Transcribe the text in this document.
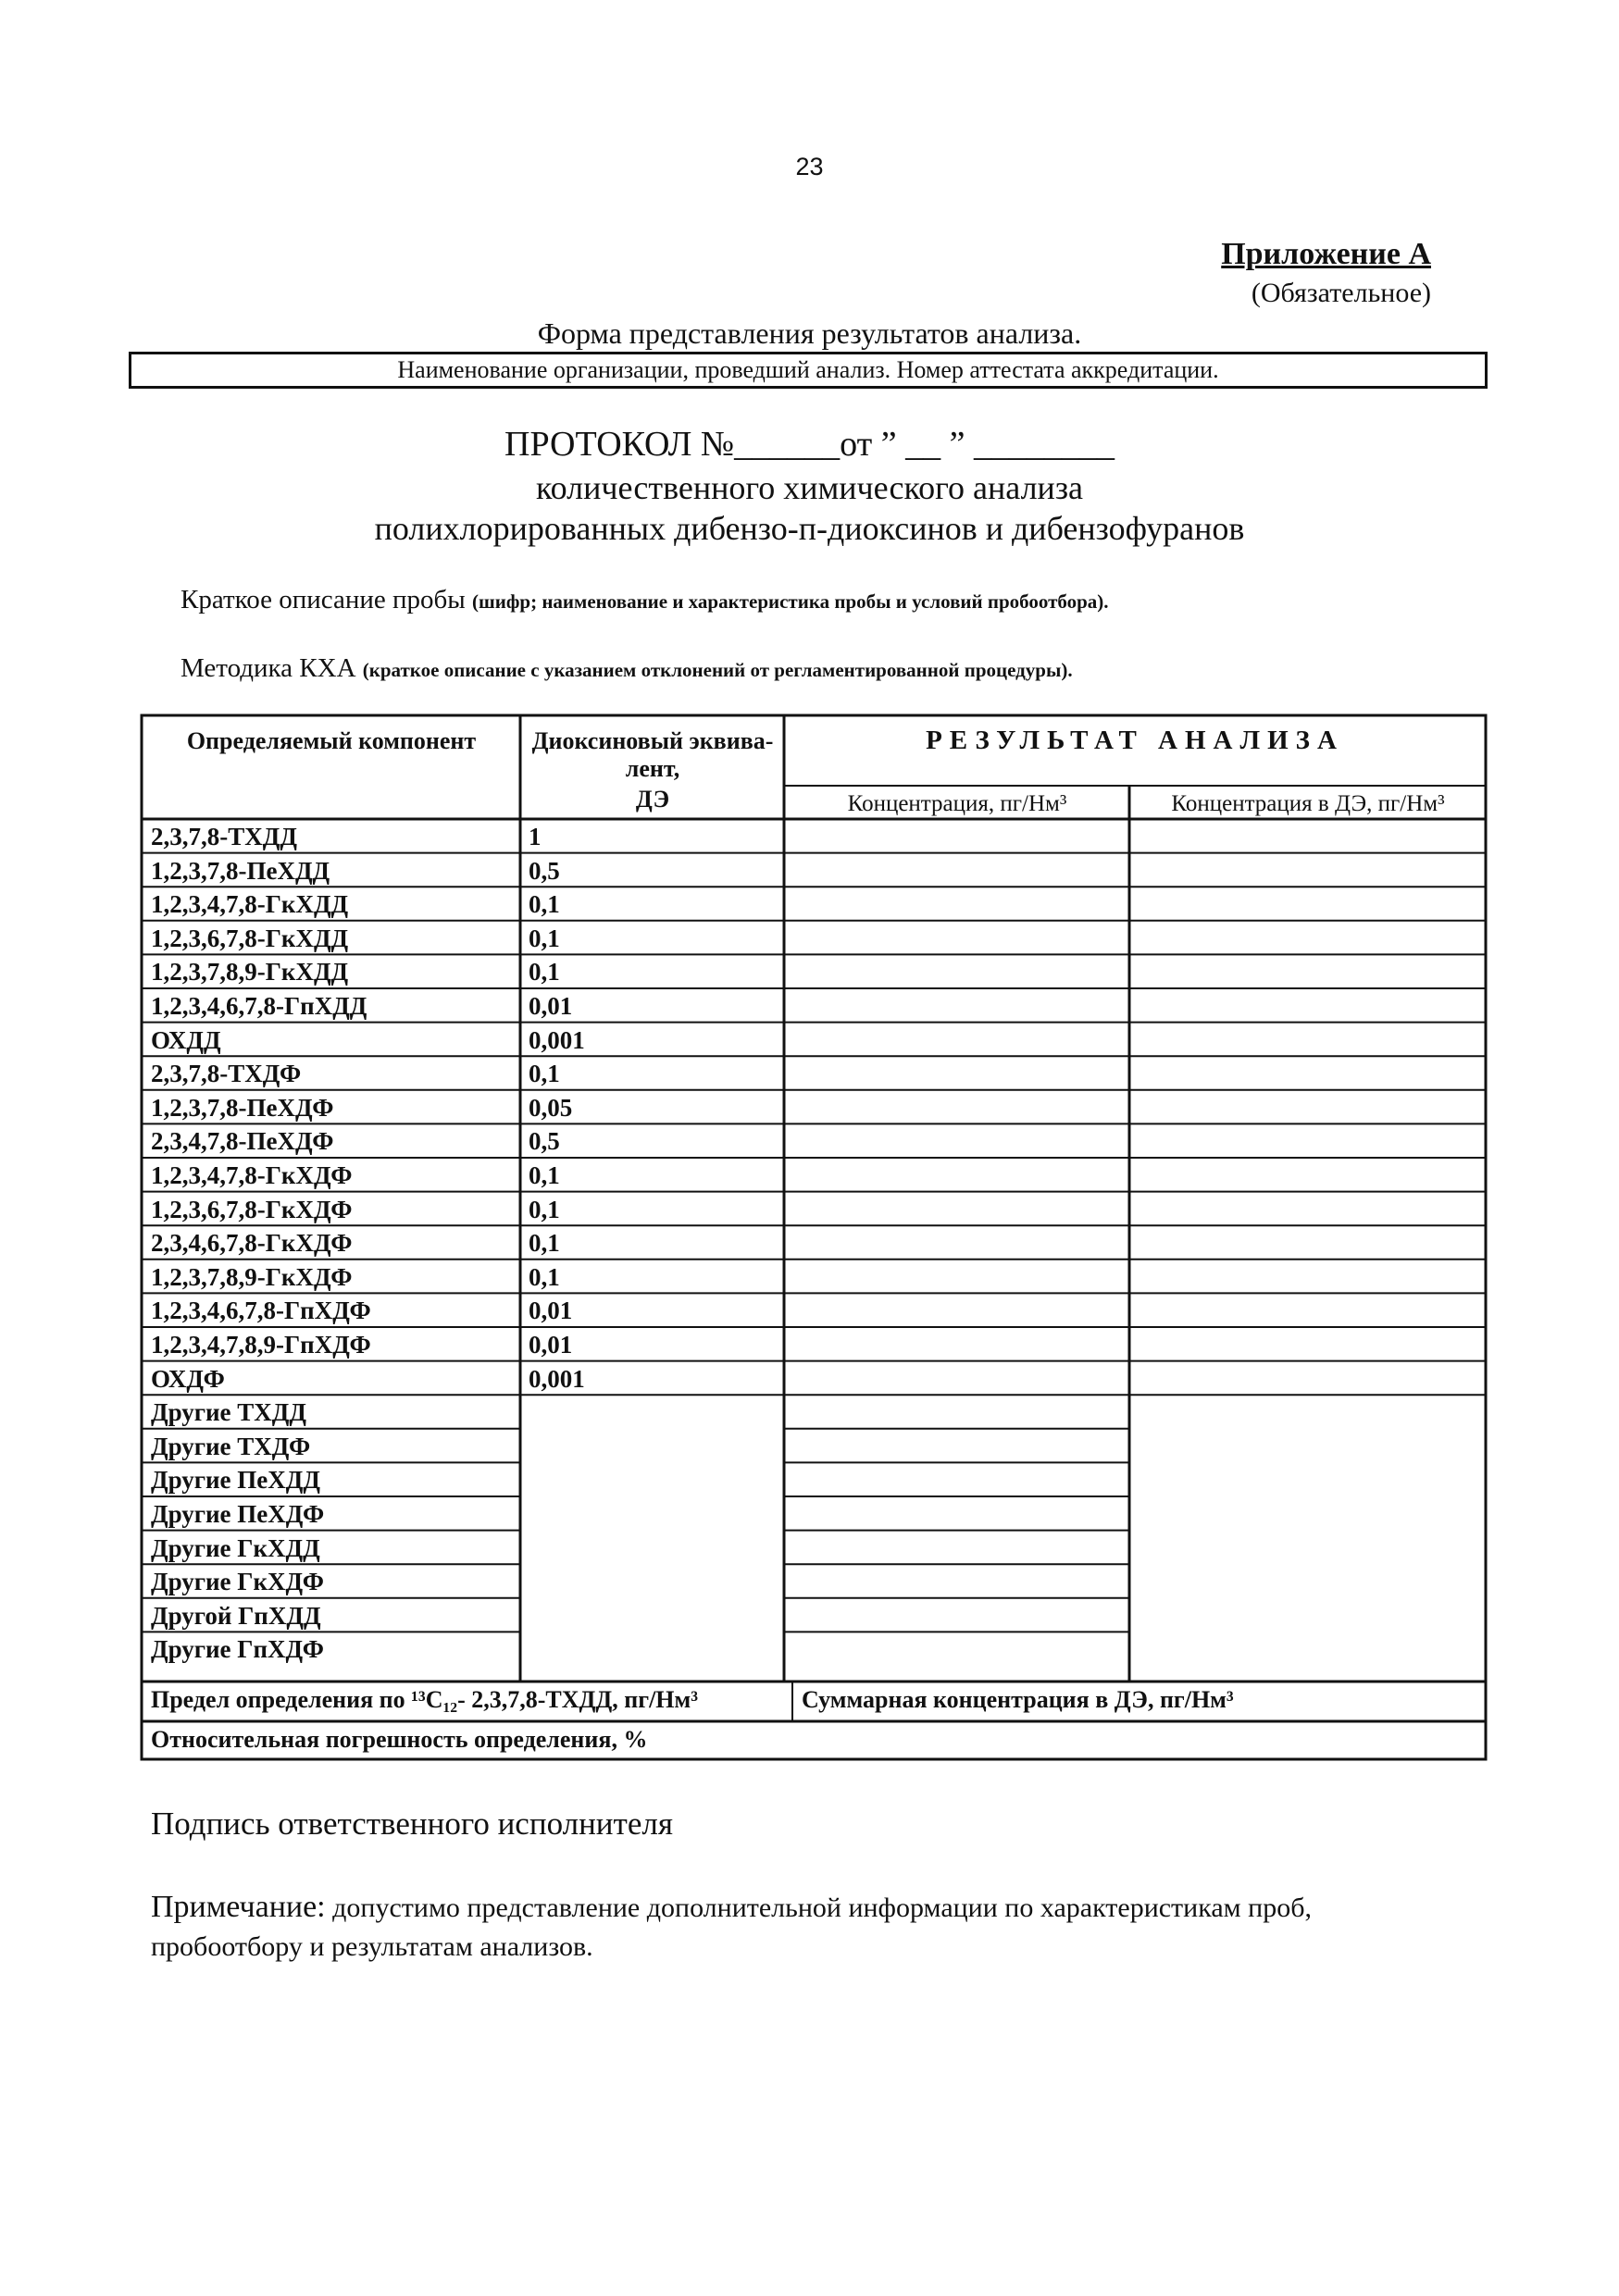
23
Приложение А
(Обязательное)
Форма представления результатов анализа.
Наименование организации, проведший анализ. Номер аттестата аккредитации.
ПРОТОКОЛ №______от ” __ ” ________
количественного химического анализа
полихлорированных дибензо-п-диоксинов и дибензофуранов
Краткое описание пробы (шифр; наименование и характеристика пробы и условий пробоотбора).
Методика КХА (краткое описание с указанием отклонений от регламентированной процедуры).
Определяемый компонент	Диоксиновый эквива-
лент,
ДЭ
РЕЗУЛЬТАТ АНАЛИЗА
Концентрация, пг/Нм³	Концентрация в ДЭ, пг/Нм³
2,3,7,8-ТХДД	1
1,2,3,7,8-ПеХДД	0,5
1,2,3,4,7,8-ГкХДД	0,1
1,2,3,6,7,8-ГкХДД	0,1
1,2,3,7,8,9-ГкХДД	0,1
1,2,3,4,6,7,8-ГпХДД	0,01
ОХДД	0,001
2,3,7,8-ТХДФ	0,1
1,2,3,7,8-ПеХДФ	0,05
2,3,4,7,8-ПеХДФ	0,5
1,2,3,4,7,8-ГкХДФ	0,1
1,2,3,6,7,8-ГкХДФ	0,1
2,3,4,6,7,8-ГкХДФ	0,1
1,2,3,7,8,9-ГкХДФ	0,1
1,2,3,4,6,7,8-ГпХДФ	0,01
1,2,3,4,7,8,9-ГпХДФ	0,01
ОХДФ	0,001
Другие ТХДД
Другие ТХДФ
Другие ПеХДД
Другие ПеХДФ
Другие ГкХДД
Другие ГкХДФ
Другой ГпХДД
Другие ГпХДФ
Предел определения по ¹³С₁₂- 2,3,7,8-ТХДД, пг/Нм³	Суммарная концентрация в ДЭ, пг/Нм³
Относительная погрешность определения, %
Подпись ответственного исполнителя
Примечание: допустимо представление дополнительной информации по характеристикам проб, пробоотбору и результатам анализов.
